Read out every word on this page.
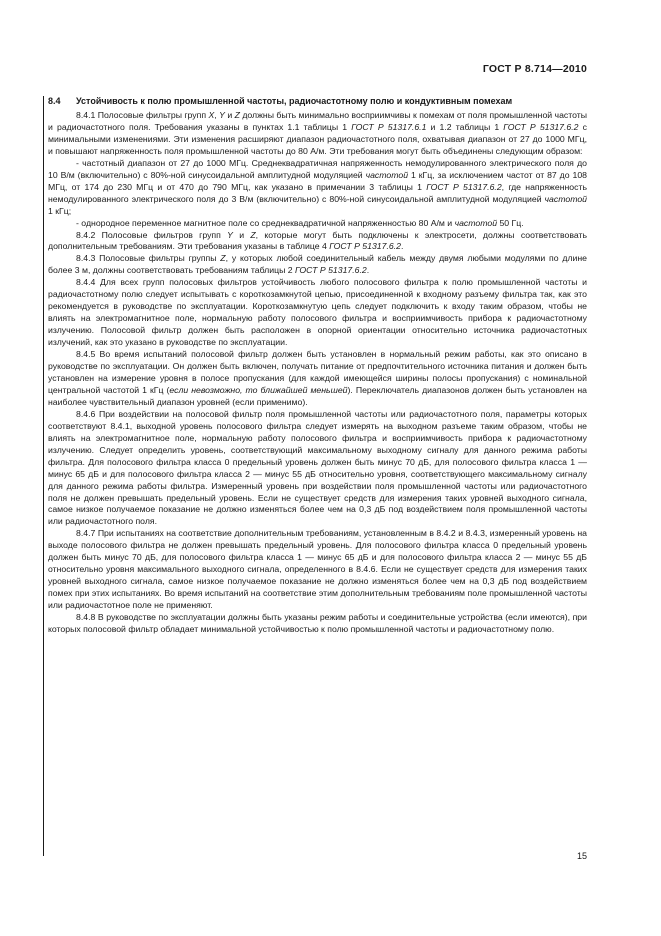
ГОСТ Р 8.714—2010
8.4	Устойчивость к полю промышленной частоты, радиочастотному полю и кондуктивным помехам

8.4.1 Полосовые фильтры групп X, Y и Z должны быть минимально восприимчивы к помехам от поля промышленной частоты и радиочастотного поля. Требования указаны в пунктах 1.1 таблицы 1 ГОСТ Р 51317.6.1 и 1.2 таблицы 1 ГОСТ Р 51317.6.2 с минимальными изменениями. Эти изменения расширяют диапазон радиочастотного поля, охватывая диапазон от 27 до 1000 МГц, и повышают напряженность поля промышленной частоты до 80 А/м. Эти требования могут быть объединены следующим образом:

- частотный диапазон от 27 до 1000 МГц. Среднеквадратичная напряженность немодулированного электрического поля до 10 В/м (включительно) с 80%-ной синусоидальной амплитудной модуляцией частотой 1 кГц, за исключением частот от 87 до 108 МГц, от 174 до 230 МГц и от 470 до 790 МГц, как указано в примечании 3 таблицы 1 ГОСТ Р 51317.6.2, где напряженность немодулированного электрического поля до 3 В/м (включительно) с 80%-ной синусоидальной амплитудной модуляцией частотой 1 кГц;

- однородное переменное магнитное поле со среднеквадратичной напряженностью 80 А/м и частотой 50 Гц.

8.4.2 Полосовые фильтров групп Y и Z, которые могут быть подключены к электросети, должны соответствовать дополнительным требованиям. Эти требования указаны в таблице 4 ГОСТ Р 51317.6.2.

8.4.3 Полосовые фильтры группы Z, у которых любой соединительный кабель между двумя любыми модулями по длине более 3 м, должны соответствовать требованиям таблицы 2 ГОСТ Р 51317.6.2.

8.4.4 Для всех групп полосовых фильтров устойчивость любого полосового фильтра к полю промышленной частоты и радиочастотному полю следует испытывать с короткозамкнутой цепью, присоединенной к входному разъему фильтра так, как это рекомендуется в руководстве по эксплуатации. Короткозамкнутую цепь следует подключить к входу таким образом, чтобы не влиять на электромагнитное поле, нормальную работу полосового фильтра и восприимчивость прибора к радиочастотному излучению. Полосовой фильтр должен быть расположен в опорной ориентации относительно источника радиочастотных излучений, как это указано в руководстве по эксплуатации.

8.4.5 Во время испытаний полосовой фильтр должен быть установлен в нормальный режим работы, как это описано в руководстве по эксплуатации. Он должен быть включен, получать питание от предпочтительного источника питания и должен быть установлен на измерение уровня в полосе пропускания (для каждой имеющейся ширины полосы пропускания) с номинальной центральной частотой 1 кГц (если невозможно, то ближайшей меньшей). Переключатель диапазонов должен быть установлен на наиболее чувствительный диапазон уровней (если применимо).

8.4.6 При воздействии на полосовой фильтр поля промышленной частоты или радиочастотного поля, параметры которых соответствуют 8.4.1, выходной уровень полосового фильтра следует измерять на выходном разъеме таким образом, чтобы не влиять на электромагнитное поле, нормальную работу полосового фильтра и восприимчивость прибора к радиочастотному излучению. Следует определить уровень, соответствующий максимальному выходному сигналу для данного режима работы фильтра. Для полосового фильтра класса 0 предельный уровень должен быть минус 70 дБ, для полосового фильтра класса 1 — минус 65 дБ и для полосового фильтра класса 2 — минус 55 дБ относительно уровня, соответствующего максимальному сигналу для данного режима работы фильтра. Измеренный уровень при воздействии поля промышленной частоты или радиочастотного поля не должен превышать предельный уровень. Если не существует средств для измерения таких уровней выходного сигнала, самое низкое получаемое показание не должно изменяться более чем на 0,3 дБ под воздействием поля промышленной частоты или радиочастотного поля.

8.4.7 При испытаниях на соответствие дополнительным требованиям, установленным в 8.4.2 и 8.4.3, измеренный уровень на выходе полосового фильтра не должен превышать предельный уровень. Для полосового фильтра класса 0 предельный уровень должен быть минус 70 дБ, для полосового фильтра класса 1 — минус 65 дБ и для полосового фильтра класса 2 — минус 55 дБ относительно уровня максимального выходного сигнала, определенного в 8.4.6. Если не существует средств для измерения таких уровней выходного сигнала, самое низкое получаемое показание не должно изменяться более чем на 0,3 дБ под воздействием помех при этих испытаниях. Во время испытаний на соответствие этим дополнительным требованиям поле промышленной частоты или радиочастотное поле не применяют.

8.4.8 В руководстве по эксплуатации должны быть указаны режим работы и соединительные устройства (если имеются), при которых полосовой фильтр обладает минимальной устойчивостью к полю промышленной частоты и радиочастотному полю.

15
